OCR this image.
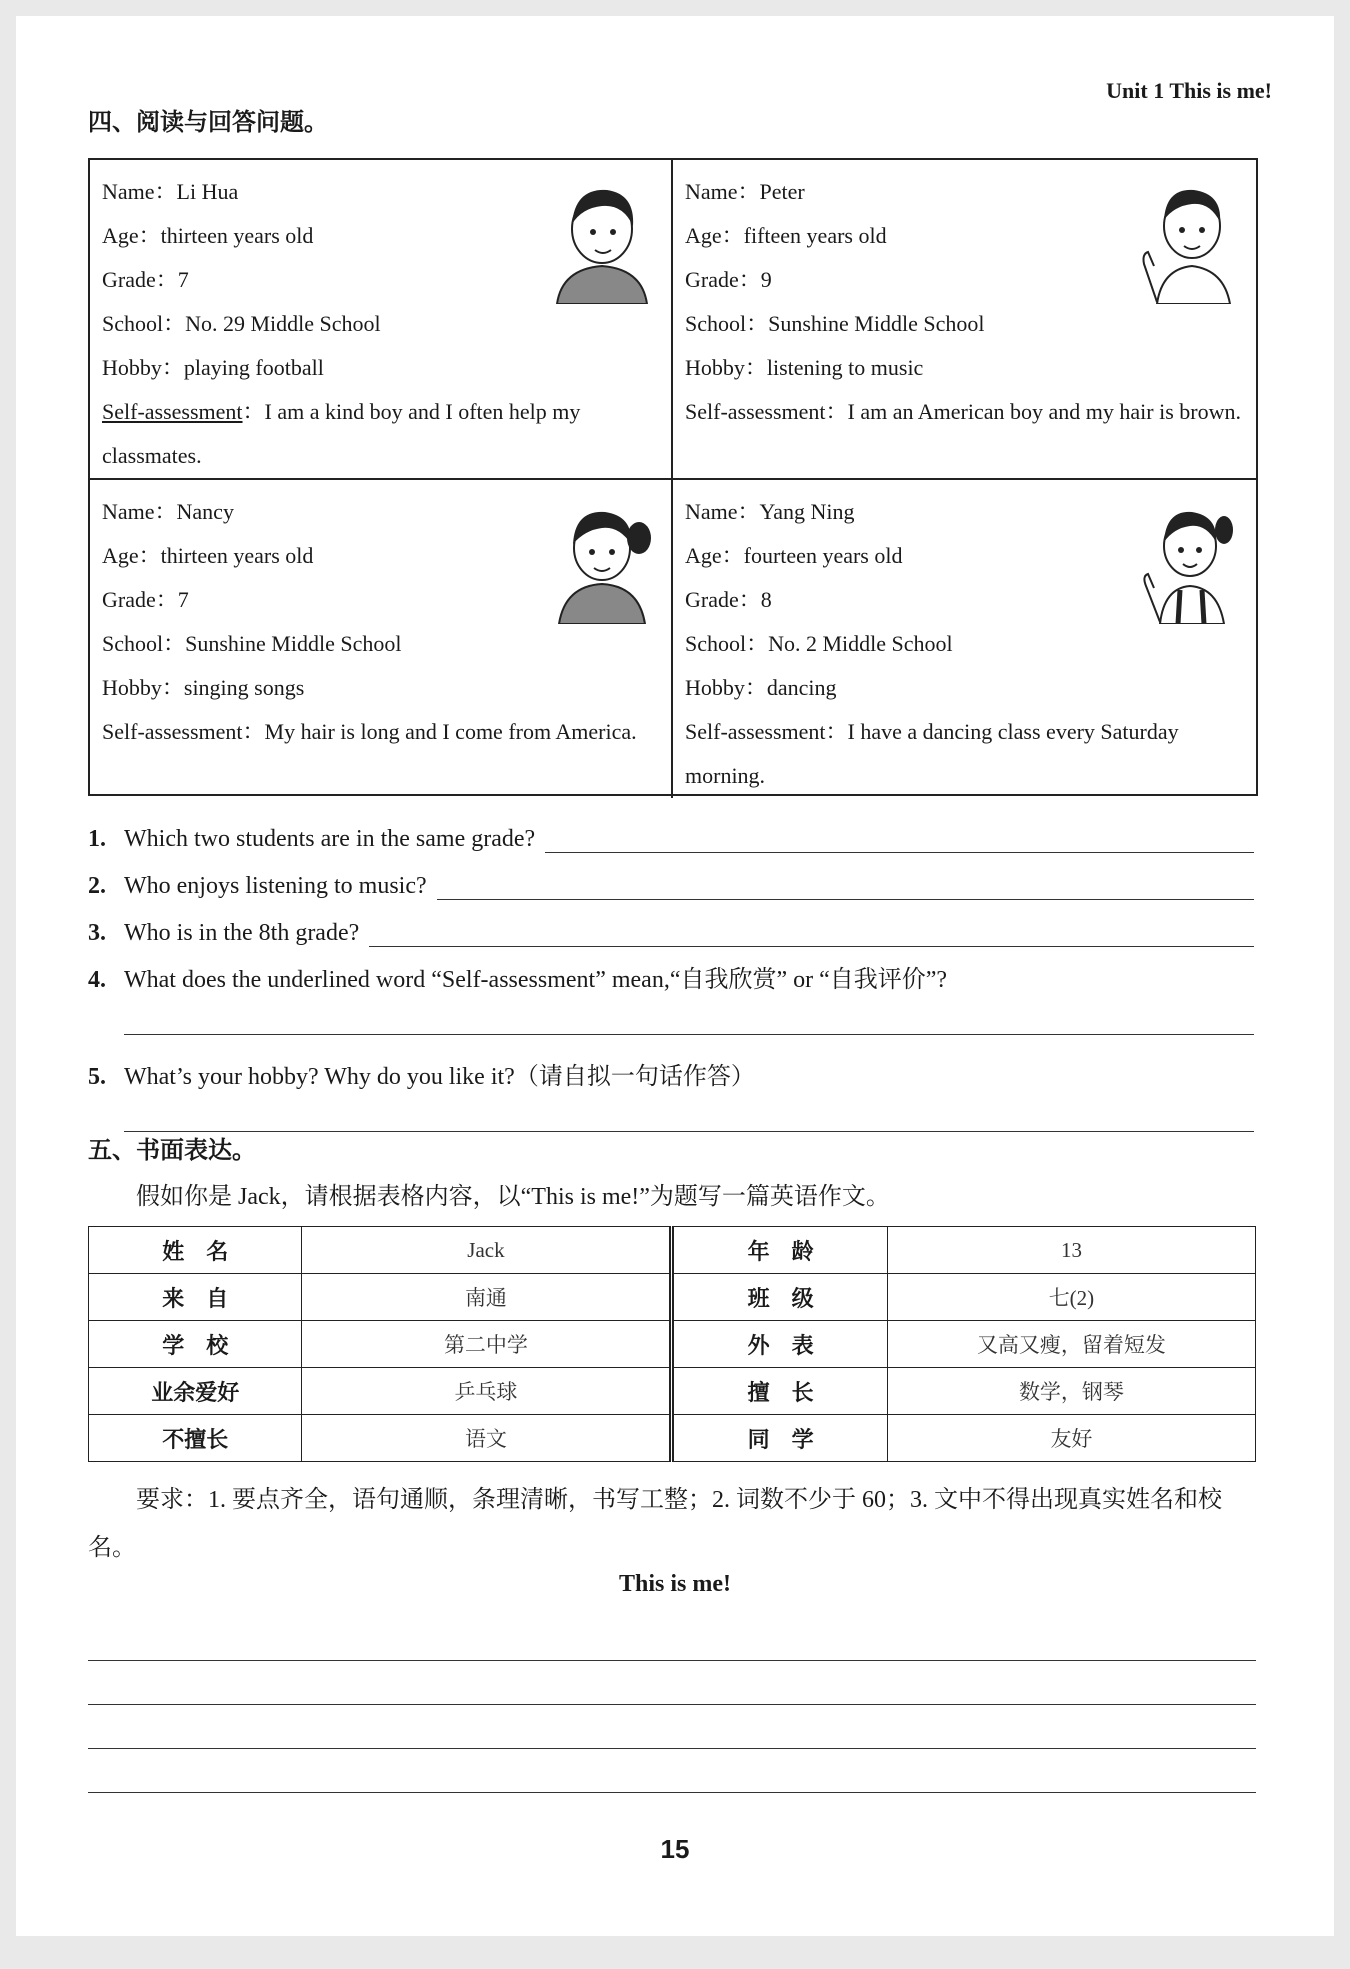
Unit 1 This is me!
四、阅读与回答问题。
Name：Li Hua
Age：thirteen years old
Grade：7
School：No. 29 Middle School
Hobby：playing football
Self-assessment：I am a kind boy and I often help my classmates.
Name：Peter
Age：fifteen years old
Grade：9
School：Sunshine Middle School
Hobby：listening to music
Self-assessment：I am an American boy and my hair is brown.
Name：Nancy
Age：thirteen years old
Grade：7
School：Sunshine Middle School
Hobby：singing songs
Self-assessment：My hair is long and I come from America.
Name：Yang Ning
Age：fourteen years old
Grade：8
School：No. 2 Middle School
Hobby：dancing
Self-assessment：I have a dancing class every Saturday morning.
1. Which two students are in the same grade?
2. Who enjoys listening to music?
3. Who is in the 8th grade?
4. What does the underlined word “Self-assessment” mean,“自我欣赏” or “自我评价”?
5. What’s your hobby? Why do you like it?（请自拟一句话作答）
五、书面表达。
假如你是 Jack，请根据表格内容，以“This is me!”为题写一篇英语作文。
姓　名	Jack	年　龄	13
来　自	南通	班　级	七(2)
学　校	第二中学	外　表	又高又瘦，留着短发
业余爱好	乒乓球	擅　长	数学，钢琴
不擅长	语文	同　学	友好
要求：1. 要点齐全，语句通顺，条理清晰，书写工整；2. 词数不少于 60；3. 文中不得出现真实姓名和校名。
This is me!
15
